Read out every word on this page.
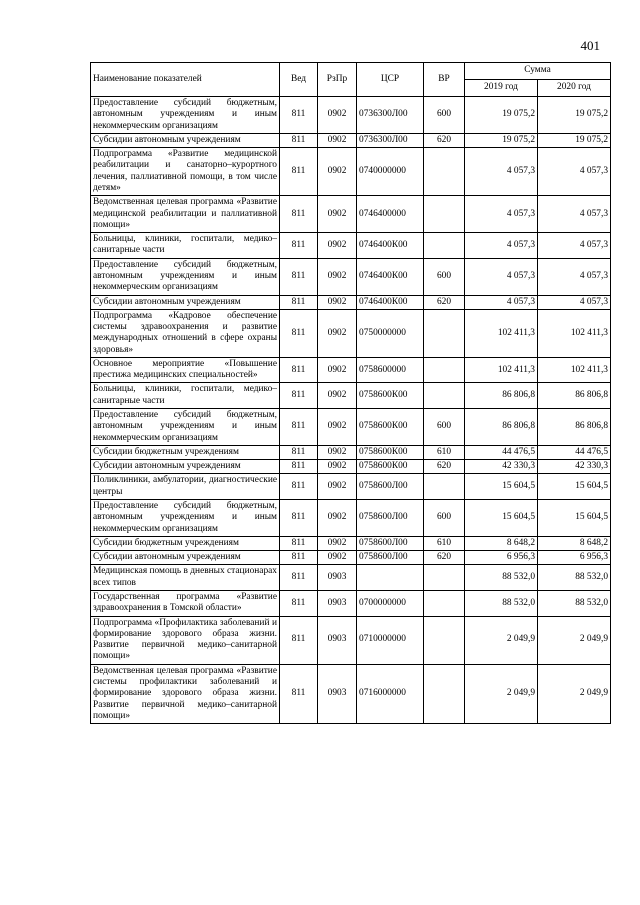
401
Наименование показателей	Вед	РзПр	ЦСР	ВР	Сумма	
					2019 год	2020 год
Предоставление субсидий бюджетным, автономным учреждениям и иным некоммерческим организациям	811	0902	0736300Л00	600	19 075,2	19 075,2
Субсидии автономным учреждениям	811	0902	0736300Л00	620	19 075,2	19 075,2
Подпрограмма «Развитие медицинской реабилитации и санаторно–курортного лечения, паллиативной помощи, в том числе детям»	811	0902	0740000000		4 057,3	4 057,3
Ведомственная целевая программа «Развитие медицинской реабилитации и паллиативной помощи»	811	0902	0746400000		4 057,3	4 057,3
Больницы, клиники, госпитали, медико–санитарные части	811	0902	0746400К00		4 057,3	4 057,3
Предоставление субсидий бюджетным, автономным учреждениям и иным некоммерческим организациям	811	0902	0746400К00	600	4 057,3	4 057,3
Субсидии автономным учреждениям	811	0902	0746400К00	620	4 057,3	4 057,3
Подпрограмма «Кадровое обеспечение системы здравоохранения и развитие международных отношений в сфере охраны здоровья»	811	0902	0750000000		102 411,3	102 411,3
Основное мероприятие «Повышение престижа медицинских специальностей»	811	0902	0758600000		102 411,3	102 411,3
Больницы, клиники, госпитали, медико–санитарные части	811	0902	0758600К00		86 806,8	86 806,8
Предоставление субсидий бюджетным, автономным учреждениям и иным некоммерческим организациям	811	0902	0758600К00	600	86 806,8	86 806,8
Субсидии бюджетным учреждениям	811	0902	0758600К00	610	44 476,5	44 476,5
Субсидии автономным учреждениям	811	0902	0758600К00	620	42 330,3	42 330,3
Поликлиники, амбулатории, диагностические центры	811	0902	0758600Л00		15 604,5	15 604,5
Предоставление субсидий бюджетным, автономным учреждениям и иным некоммерческим организациям	811	0902	0758600Л00	600	15 604,5	15 604,5
Субсидии бюджетным учреждениям	811	0902	0758600Л00	610	8 648,2	8 648,2
Субсидии автономным учреждениям	811	0902	0758600Л00	620	6 956,3	6 956,3
Медицинская помощь в дневных стационарах всех типов	811	0903			88 532,0	88 532,0
Государственная программа «Развитие здравоохранения в Томской области»	811	0903	0700000000		88 532,0	88 532,0
Подпрограмма «Профилактика заболеваний и формирование здорового образа жизни. Развитие первичной медико–санитарной помощи»	811	0903	0710000000		2 049,9	2 049,9
Ведомственная целевая программа «Развитие системы профилактики заболеваний и формирование здорового образа жизни. Развитие первичной медико–санитарной помощи»	811	0903	0716000000		2 049,9	2 049,9
